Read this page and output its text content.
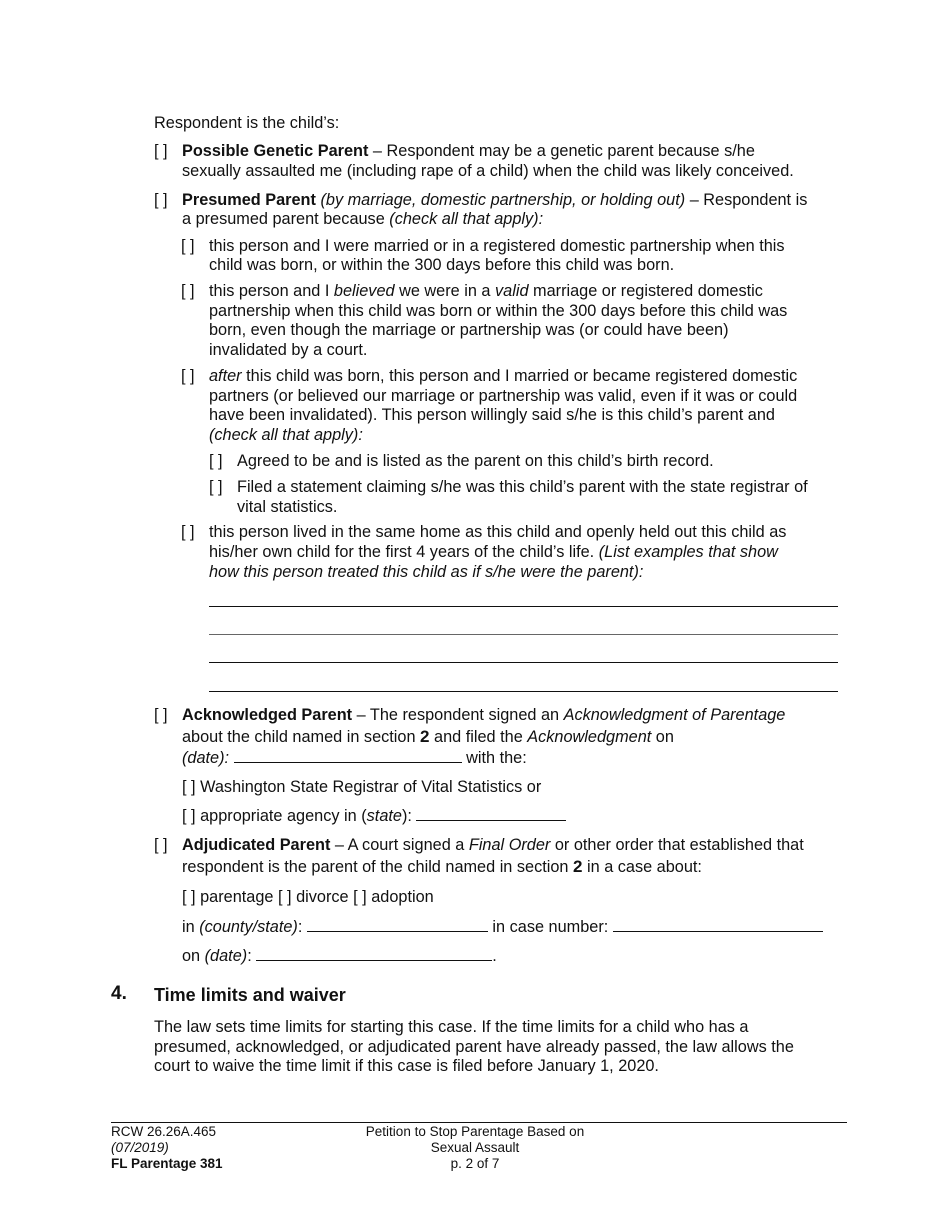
Respondent is the child’s:
[ ] Possible Genetic Parent – Respondent may be a genetic parent because s/he
sexually assaulted me (including rape of a child) when the child was likely conceived.
[ ] Presumed Parent (by marriage, domestic partnership, or holding out) – Respondent is
a presumed parent because (check all that apply):
[ ] this person and I were married or in a registered domestic partnership when this
child was born, or within the 300 days before this child was born.
[ ] this person and I believed we were in a valid marriage or registered domestic
partnership when this child was born or within the 300 days before this child was
born, even though the marriage or partnership was (or could have been)
invalidated by a court.
[ ] after this child was born, this person and I married or became registered domestic
partners (or believed our marriage or partnership was valid, even if it was or could
have been invalidated). This person willingly said s/he is this child’s parent and
(check all that apply):
[ ] Agreed to be and is listed as the parent on this child’s birth record.
[ ] Filed a statement claiming s/he was this child’s parent with the state registrar of
vital statistics.
[ ] this person lived in the same home as this child and openly held out this child as
his/her own child for the first 4 years of the child’s life. (List examples that show
how this person treated this child as if s/he were the parent):
[ ] Acknowledged Parent – The respondent signed an Acknowledgment of Parentage
about the child named in section 2 and filed the Acknowledgment on
(date):	with the:
[ ] Washington State Registrar of Vital Statistics or
[ ] appropriate agency in (state):
[ ] Adjudicated Parent – A court signed a Final Order or other order that established that
respondent is the parent of the child named in section 2 in a case about:
[ ] parentage [ ] divorce [ ] adoption
in (county/state):	in case number:
on (date):	.
4. Time limits and waiver
The law sets time limits for starting this case. If the time limits for a child who has a
presumed, acknowledged, or adjudicated parent have already passed, the law allows the
court to waive the time limit if this case is filed before January 1, 2020.
RCW 26.26A.465
(07/2019)
FL Parentage 381
Petition to Stop Parentage Based on
Sexual Assault
p. 2 of 7
